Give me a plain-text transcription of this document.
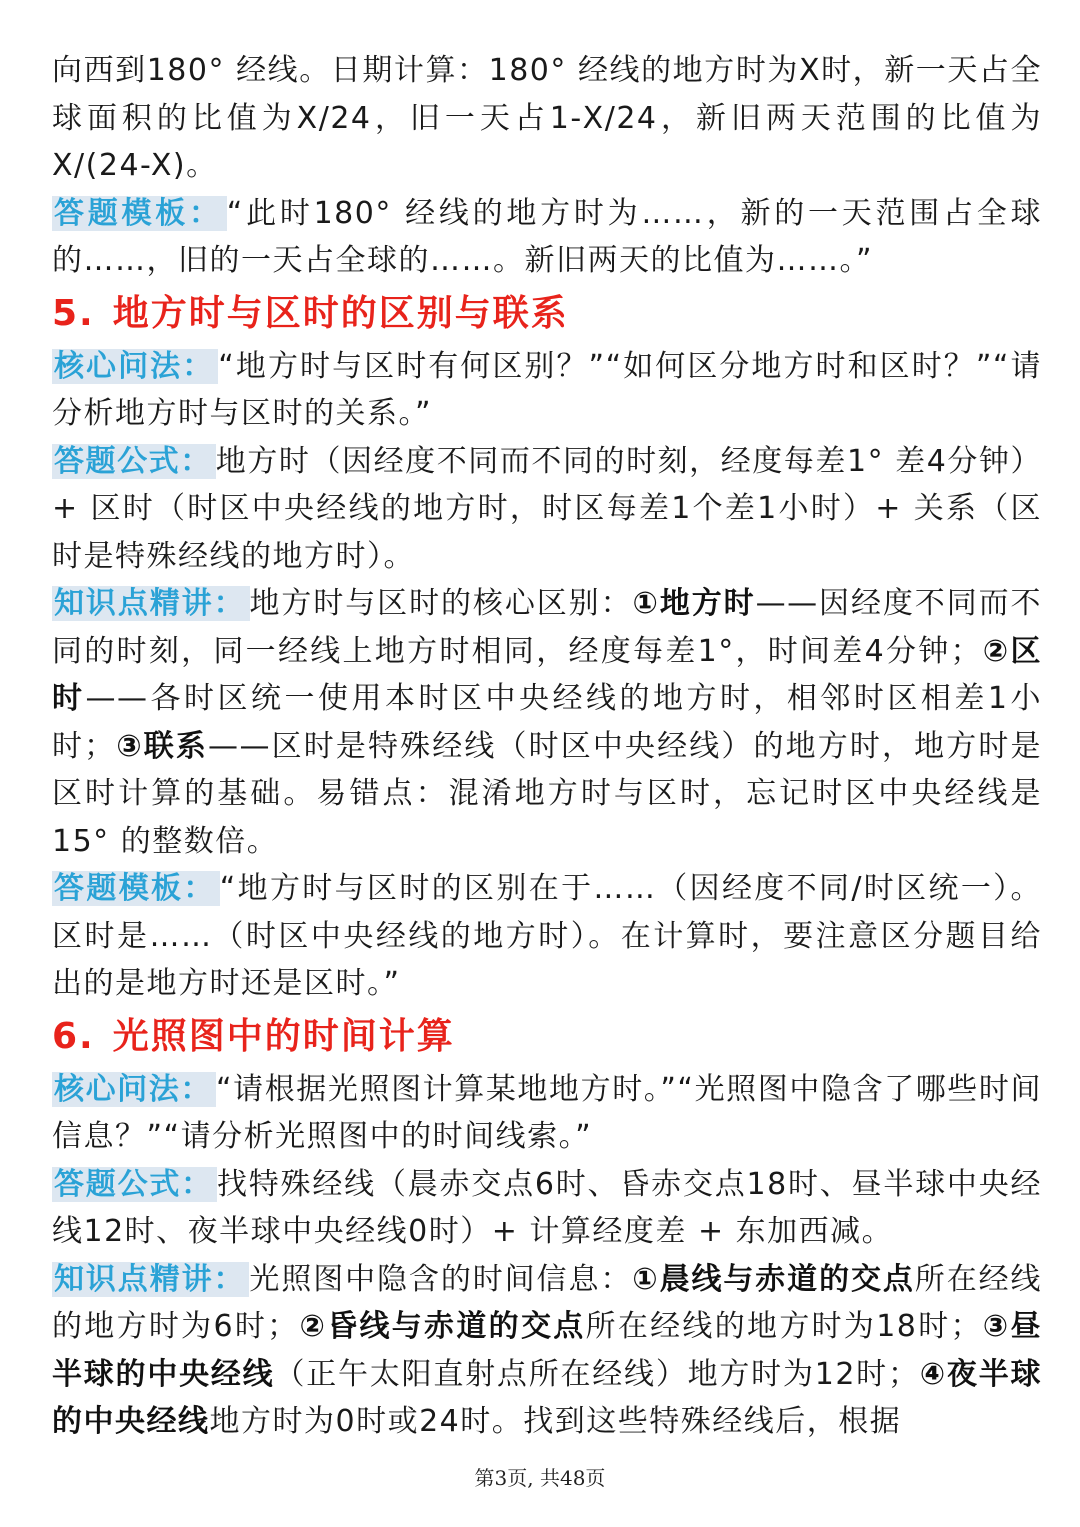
向西到180° 经线。日期计算：180° 经线的地方时为X时，新一天占全球面积的比值为X/24，旧一天占1-X/24，新旧两天范围的比值为X/(24-X)。

答题模板： “此时180° 经线的地方时为……，新的一天范围占全球的……，旧的一天占全球的……。新旧两天的比值为……。”

5. 地方时与区时的区别与联系

核心问法： “地方时与区时有何区别？”“如何区分地方时和区时？”“请分析地方时与区时的关系。”

答题公式： 地方时（因经度不同而不同的时刻，经度每差1° 差4分钟）+ 区时（时区中央经线的地方时，时区每差1个差1小时）+ 关系（区时是特殊经线的地方时）。

知识点精讲： 地方时与区时的核心区别：①地方时——因经度不同而不同的时刻，同一经线上地方时相同，经度每差1°，时间差4分钟；②区时——各时区统一使用本时区中央经线的地方时，相邻时区相差1小时；③联系——区时是特殊经线（时区中央经线）的地方时，地方时是区时计算的基础。易错点：混淆地方时与区时，忘记时区中央经线是15° 的整数倍。

答题模板： “地方时与区时的区别在于……（因经度不同/时区统一）。区时是……（时区中央经线的地方时）。在计算时，要注意区分题目给出的是地方时还是区时。”

6. 光照图中的时间计算

核心问法： “请根据光照图计算某地地方时。”“光照图中隐含了哪些时间信息？”“请分析光照图中的时间线索。”

答题公式： 找特殊经线（晨赤交点6时、昏赤交点18时、昼半球中央经线12时、夜半球中央经线0时）+ 计算经度差 + 东加西减。

知识点精讲： 光照图中隐含的时间信息：①晨线与赤道的交点所在经线的地方时为6时；②昏线与赤道的交点所在经线的地方时为18时；③昼半球的中央经线（正午太阳直射点所在经线）地方时为12时；④夜半球的中央经线地方时为0时或24时。找到这些特殊经线后，根据

第3页, 共48页
